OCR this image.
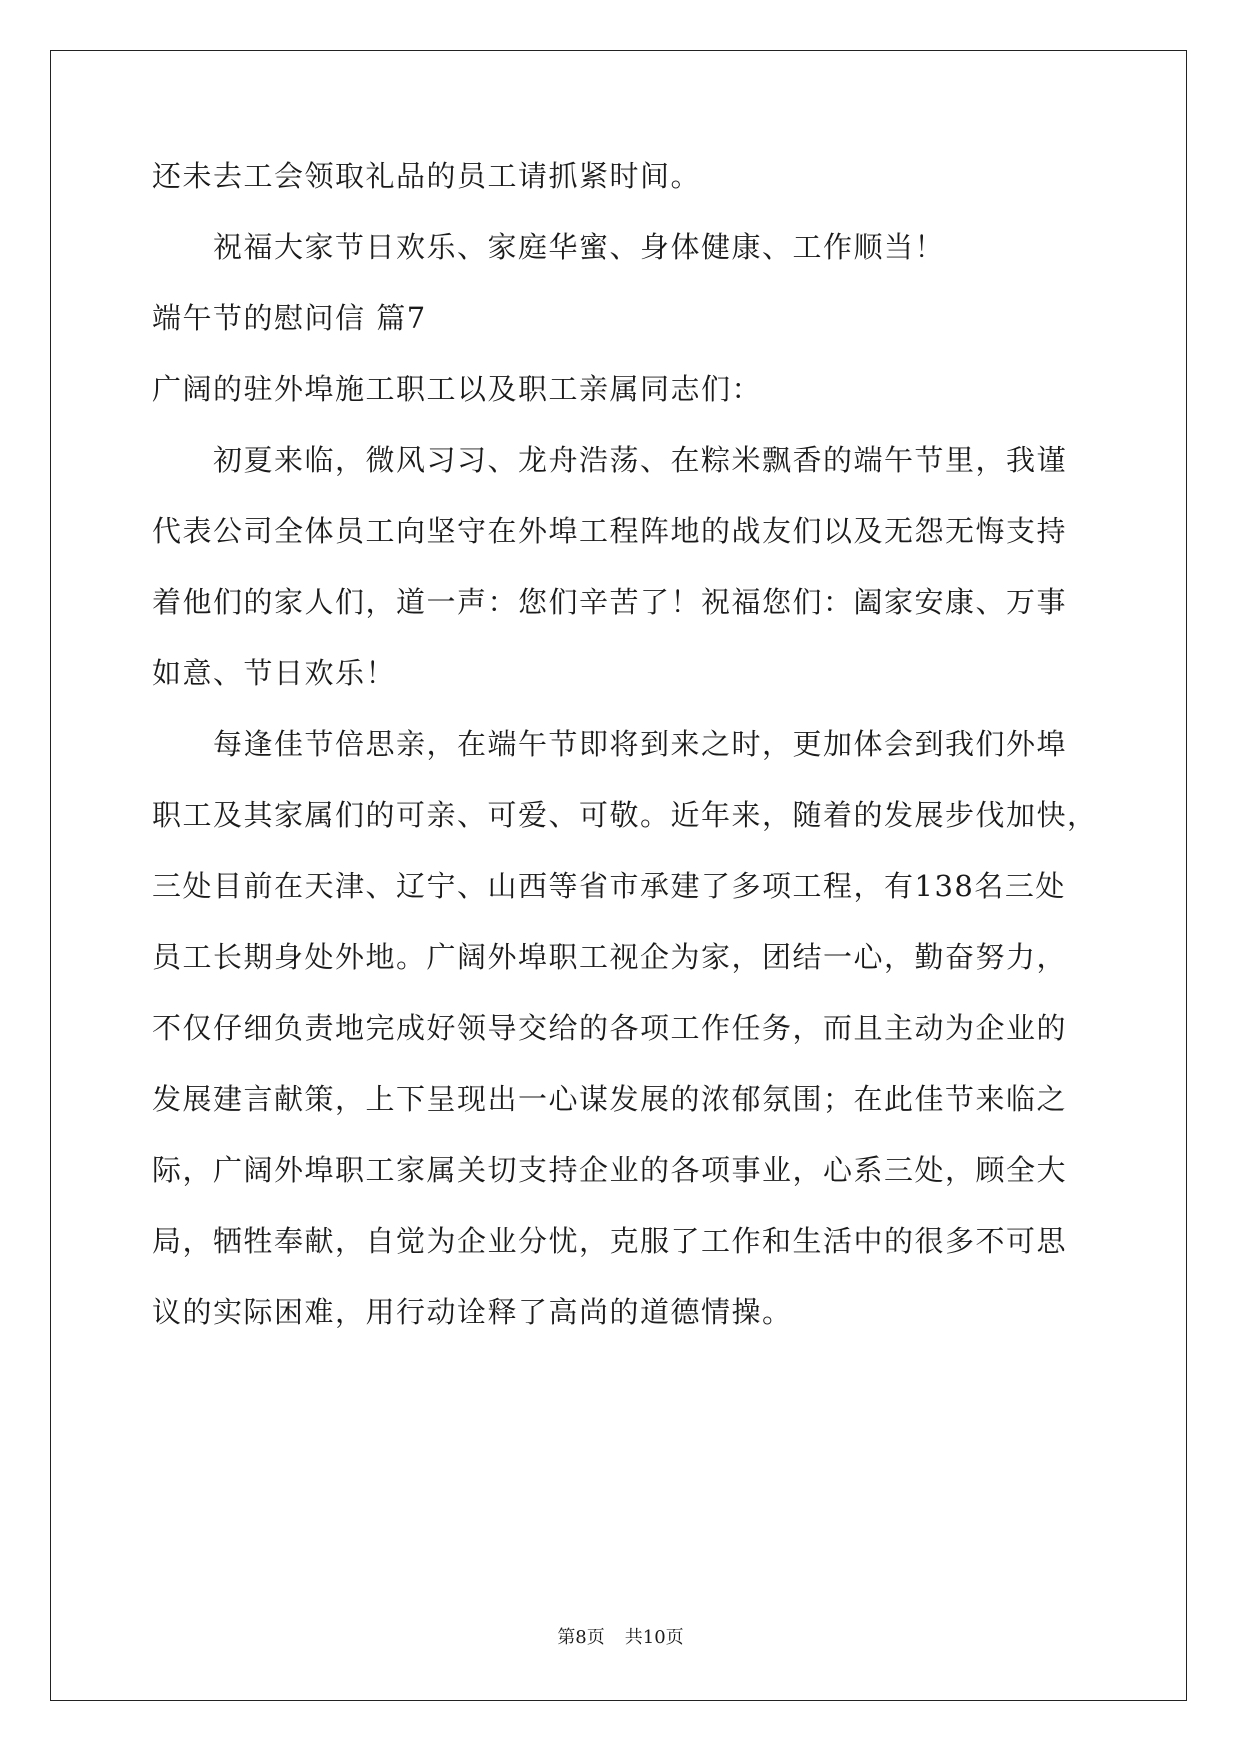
还未去工会领取礼品的员工请抓紧时间。
　　祝福大家节日欢乐、家庭华蜜、身体健康、工作顺当！
端午节的慰问信 篇7
广阔的驻外埠施工职工以及职工亲属同志们：
　　初夏来临，微风习习、龙舟浩荡、在粽米飘香的端午节里，我谨
代表公司全体员工向坚守在外埠工程阵地的战友们以及无怨无悔支持
着他们的家人们，道一声：您们辛苦了！祝福您们：阖家安康、万事
如意、节日欢乐！
　　每逢佳节倍思亲，在端午节即将到来之时，更加体会到我们外埠
职工及其家属们的可亲、可爱、可敬。近年来，随着的发展步伐加快，
三处目前在天津、辽宁、山西等省市承建了多项工程，有138名三处
员工长期身处外地。广阔外埠职工视企为家，团结一心，勤奋努力，
不仅仔细负责地完成好领导交给的各项工作任务，而且主动为企业的
发展建言献策，上下呈现出一心谋发展的浓郁氛围；在此佳节来临之
际，广阔外埠职工家属关切支持企业的各项事业，心系三处，顾全大
局，牺牲奉献，自觉为企业分忧，克服了工作和生活中的很多不可思
议的实际困难，用行动诠释了高尚的道德情操。
第8页 共10页
